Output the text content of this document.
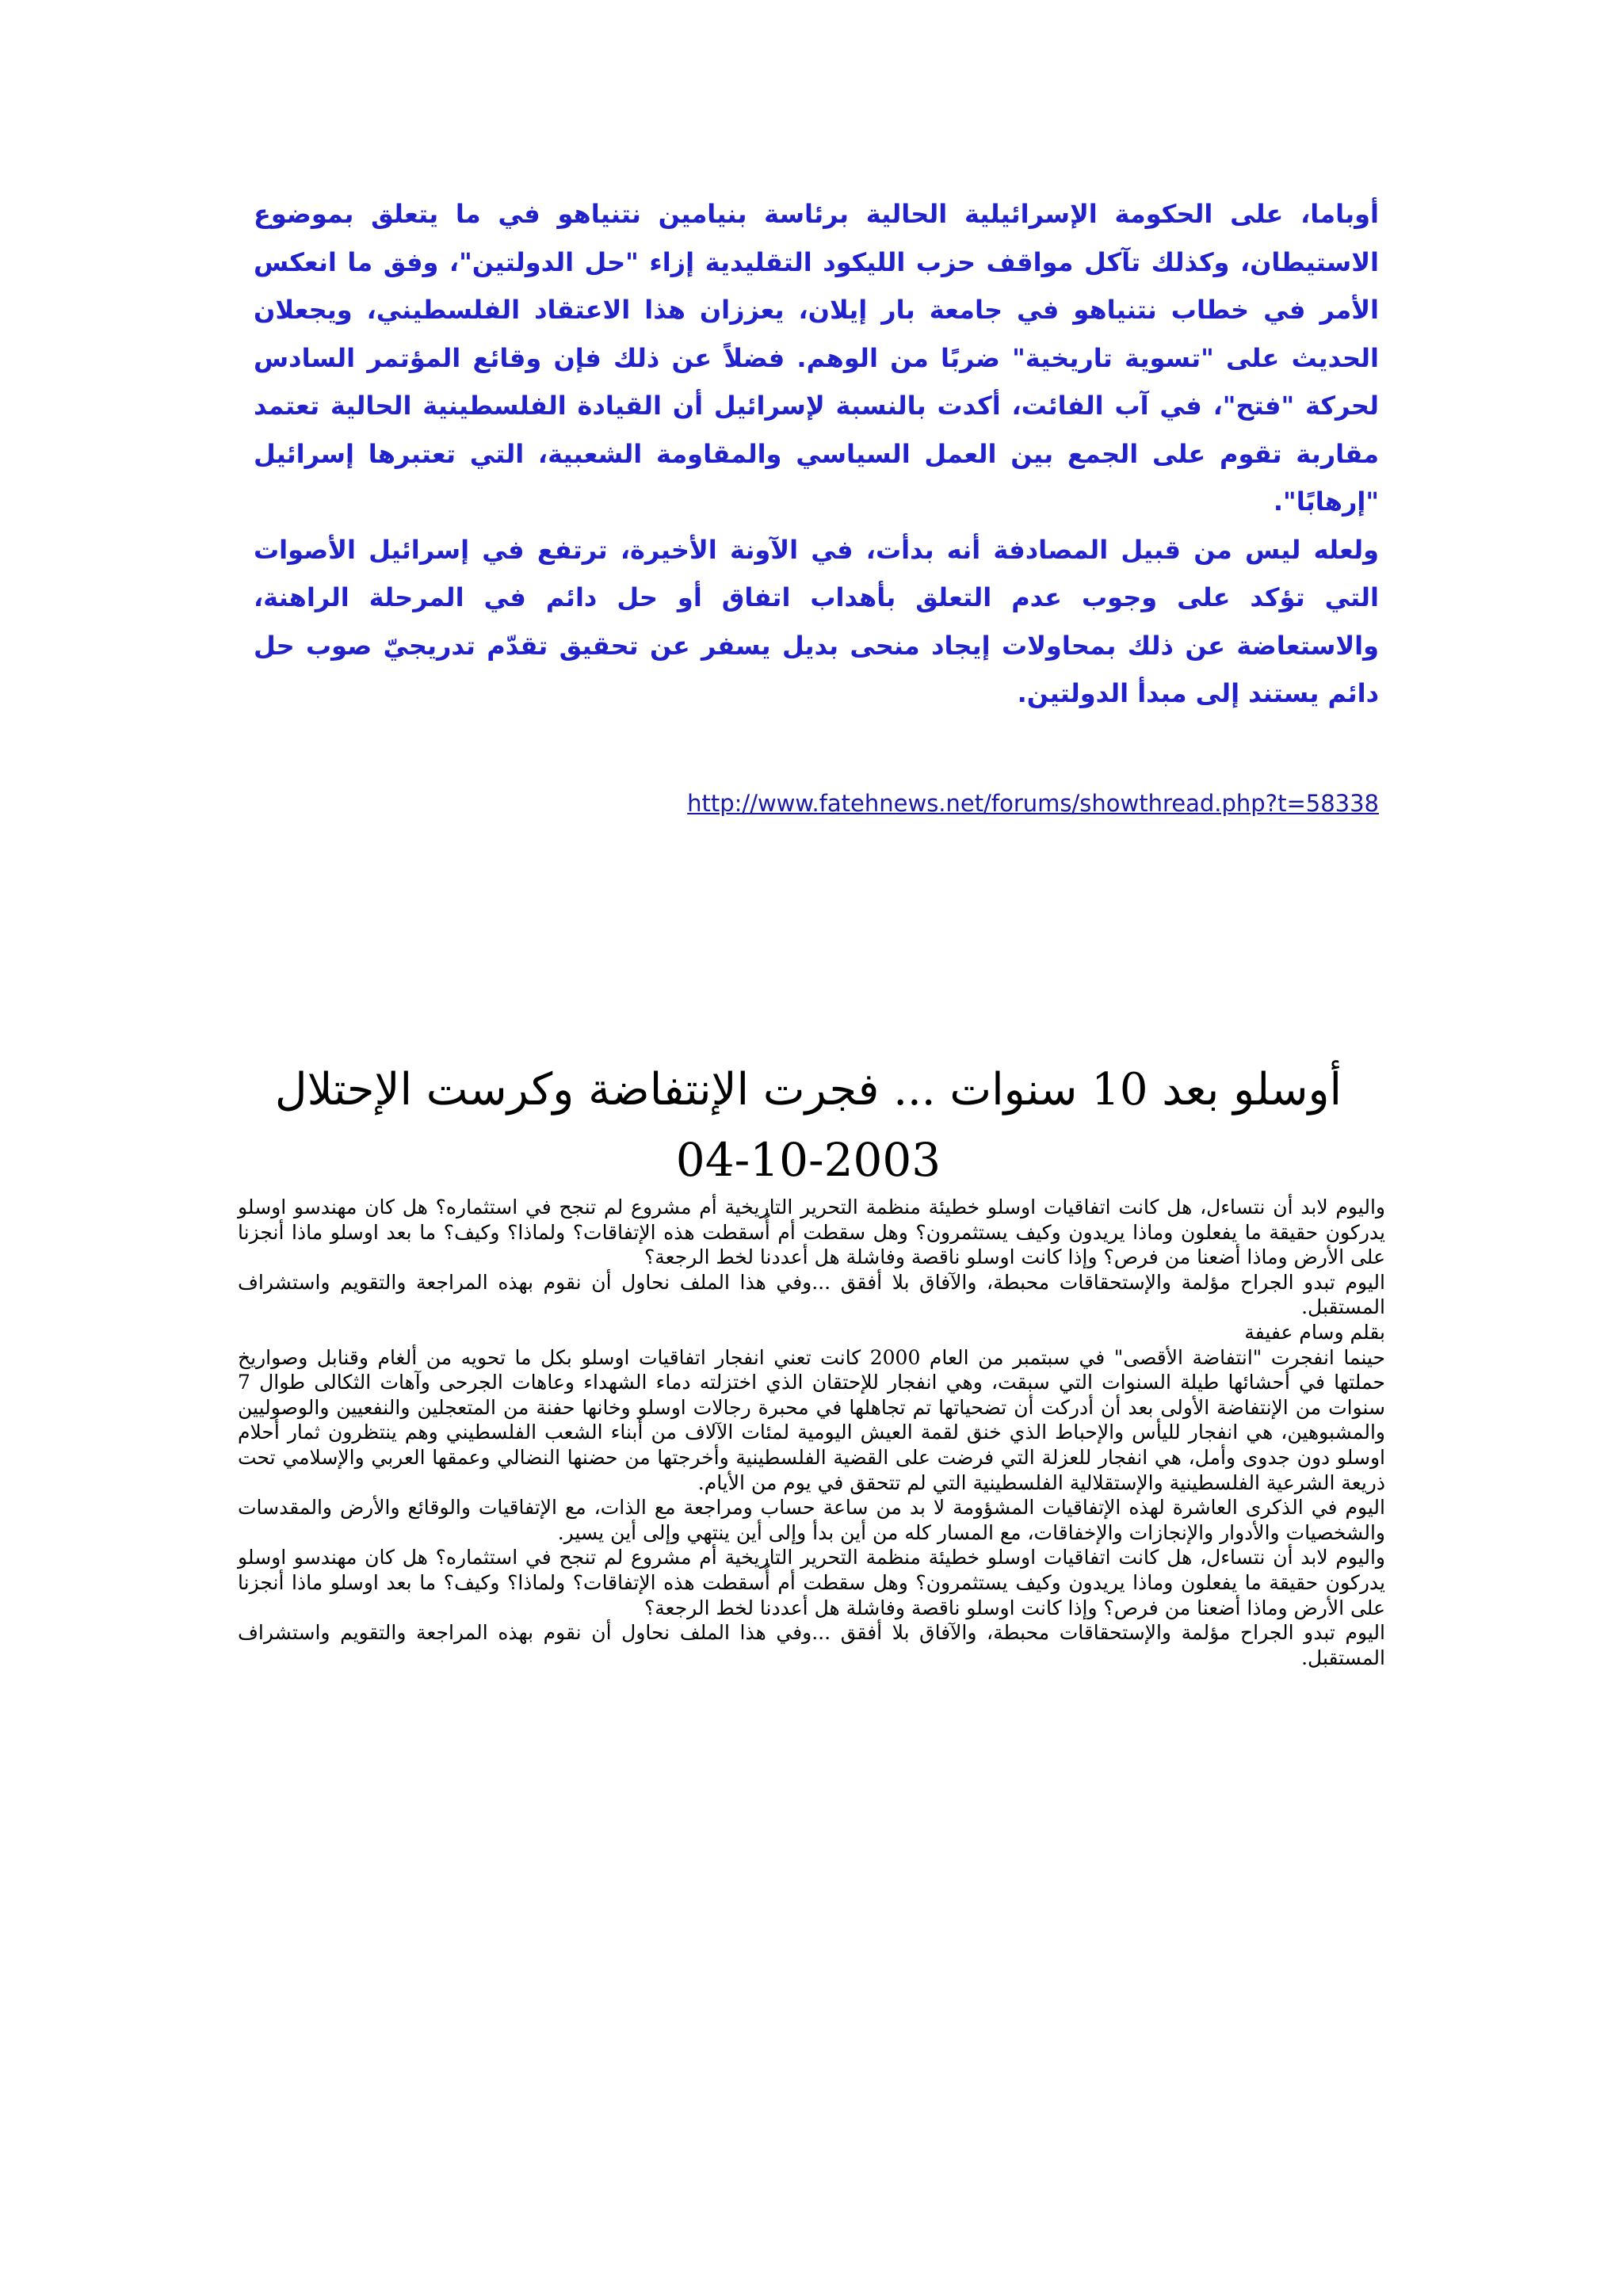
أوباما، على الحكومة الإسرائيلية الحالية برئاسة بنيامين نتنياهو في ما يتعلق بموضوع الاستيطان، وكذلك تآكل مواقف حزب الليكود التقليدية إزاء "حل الدولتين"، وفق ما انعكس الأمر في خطاب نتنياهو في جامعة بار إيلان، يعززان هذا الاعتقاد الفلسطيني، ويجعلان الحديث على "تسوية تاريخية" ضربًا من الوهم. فضلاً عن ذلك فإن وقائع المؤتمر السادس لحركة "فتح"، في آب الفائت، أكدت بالنسبة لإسرائيل أن القيادة الفلسطينية الحالية تعتمد مقاربة تقوم على الجمع بين العمل السياسي والمقاومة الشعبية، التي تعتبرها إسرائيل "إرهابًا".

ولعله ليس من قبيل المصادفة أنه بدأت، في الآونة الأخيرة، ترتفع في إسرائيل الأصوات التي تؤكد على وجوب عدم التعلق بأهداب اتفاق أو حل دائم في المرحلة الراهنة، والاستعاضة عن ذلك بمحاولات إيجاد منحى بديل يسفر عن تحقيق تقدّم تدريجيّ صوب حل دائم يستند إلى مبدأ الدولتين.

http://www.fatehnews.net/forums/showthread.php?t=58338
أوسلو بعد 10 سنوات ... فجرت الإنتفاضة وكرست الإحتلال
04-10-2003

واليوم لابد أن نتساءل، هل كانت اتفاقيات اوسلو خطيئة منظمة التحرير التاريخية أم مشروع لم تنجح في استثماره؟ هل كان مهندسو اوسلو يدركون حقيقة ما يفعلون وماذا يريدون وكيف يستثمرون؟ وهل سقطت أم أُسقطت هذه الإتفاقات؟ ولماذا؟ وكيف؟ ما بعد اوسلو ماذا أنجزنا على الأرض وماذا أضعنا من فرص؟ وإذا كانت اوسلو ناقصة وفاشلة هل أعددنا لخط الرجعة؟

اليوم تبدو الجراح مؤلمة والإستحقاقات محبطة، والآفاق بلا أفقق ...وفي هذا الملف نحاول أن نقوم بهذه المراجعة والتقويم واستشراف المستقبل.

بقلم وسام عفيفة

حينما انفجرت "انتفاضة الأقصى" في سبتمبر من العام 2000 كانت تعني انفجار اتفاقيات اوسلو بكل ما تحويه من ألغام وقنابل وصواريخ حملتها في أحشائها طيلة السنوات التي سبقت، وهي انفجار للإحتقان الذي اختزلته دماء الشهداء وعاهات الجرحى وآهات الثكالى طوال 7 سنوات من الإنتفاضة الأولى بعد أن أدركت أن تضحياتها تم تجاهلها في محبرة رجالات اوسلو وخانها حفنة من المتعجلين والنفعيين والوصوليين والمشبوهين، هي انفجار لليأس والإحباط الذي خنق لقمة العيش اليومية لمئات الآلاف من أبناء الشعب الفلسطيني وهم ينتظرون ثمار أحلام اوسلو دون جدوى وأمل، هي انفجار للعزلة التي فرضت على القضية الفلسطينية وأخرجتها من حضنها النضالي وعمقها العربي والإسلامي تحت ذريعة الشرعية الفلسطينية والإستقلالية الفلسطينية التي لم تتحقق في يوم من الأيام.

اليوم في الذكرى العاشرة لهذه الإتفاقيات المشؤومة لا بد من ساعة حساب ومراجعة مع الذات، مع الإتفاقيات والوقائع والأرض والمقدسات والشخصيات والأدوار والإنجازات والإخفاقات، مع المسار كله من أين بدأ وإلى أين ينتهي وإلى أين يسير.

واليوم لابد أن نتساءل، هل كانت اتفاقيات اوسلو خطيئة منظمة التحرير التاريخية أم مشروع لم تنجح في استثماره؟ هل كان مهندسو اوسلو يدركون حقيقة ما يفعلون وماذا يريدون وكيف يستثمرون؟ وهل سقطت أم أُسقطت هذه الإتفاقات؟ ولماذا؟ وكيف؟ ما بعد اوسلو ماذا أنجزنا على الأرض وماذا أضعنا من فرص؟ وإذا كانت اوسلو ناقصة وفاشلة هل أعددنا لخط الرجعة؟

اليوم تبدو الجراح مؤلمة والإستحقاقات محبطة، والآفاق بلا أفقق ...وفي هذا الملف نحاول أن نقوم بهذه المراجعة والتقويم واستشراف المستقبل.
